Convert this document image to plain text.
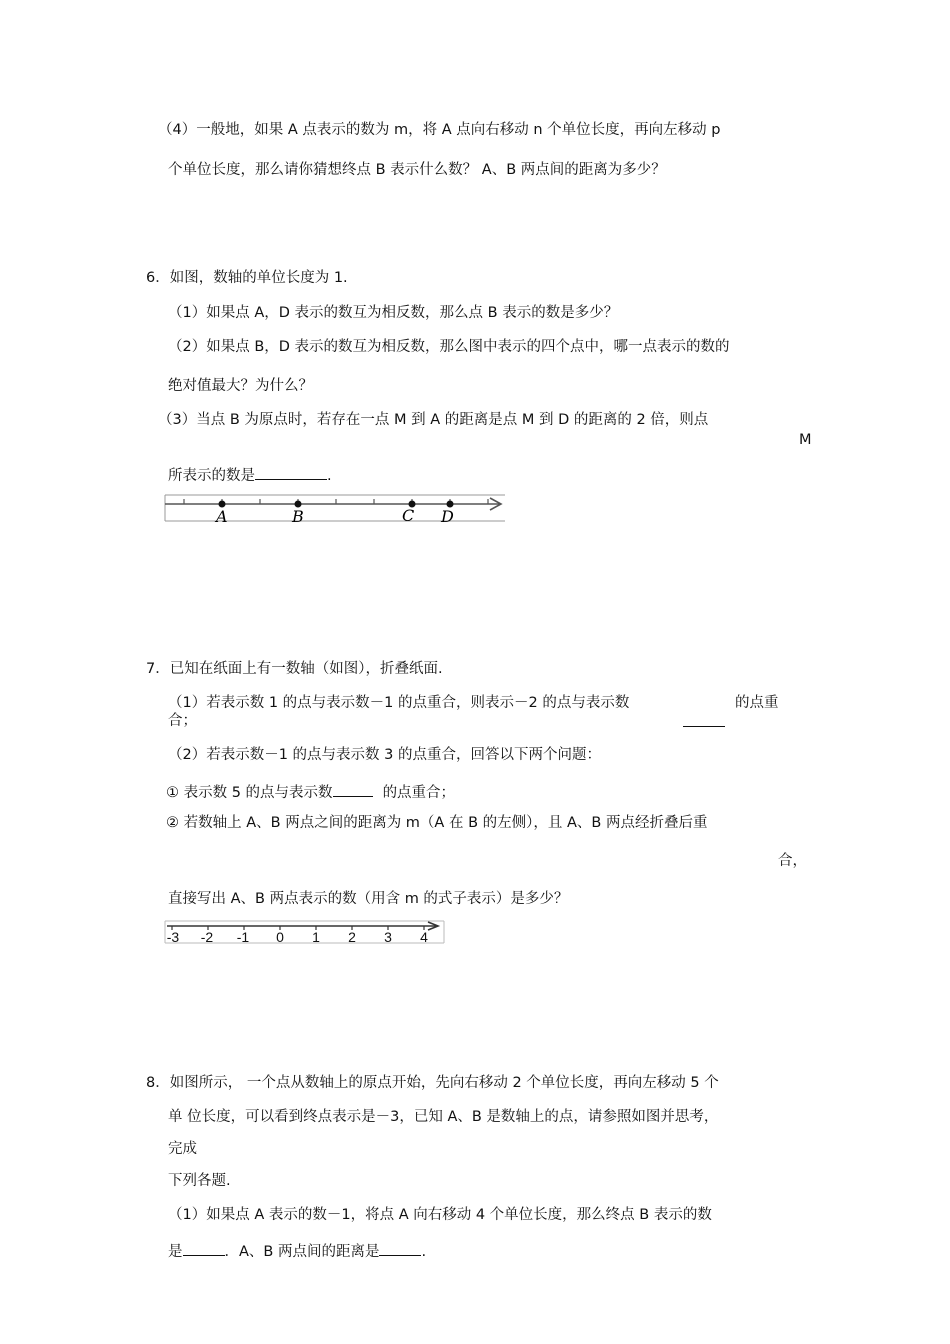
（4）一般地，如果 A 点表示的数为 m，将 A 点向右移动 n 个单位长度，再向左移动 p
个单位长度，那么请你猜想终点 B 表示什么数？ A、B 两点间的距离为多少？
6．如图，数轴的单位长度为 1.
（1）如果点 A，D 表示的数互为相反数，那么点 B 表示的数是多少？
（2）如果点 B，D 表示的数互为相反数，那么图中表示的四个点中，哪一点表示的数的
绝对值最大？为什么？
（3）当点 B 为原点时，若存在一点 M 到 A 的距离是点 M 到 D 的距离的 2 倍，则点
M
所表示的数是	.
A	B	C D
7．已知在纸面上有一数轴（如图），折叠纸面.
（1）若表示数 1 的点与表示数－1 的点重合，则表示－2 的点与表示数	的点重
合；
（2）若表示数－1 的点与表示数 3 的点重合，回答以下两个问题：
① 表示数 5 的点与表示数	的点重合；
② 若数轴上 A、B 两点之间的距离为 m（A 在 B 的左侧），且 A、B 两点经折叠后重
合，
直接写出 A、B 两点表示的数（用含 m 的式子表示）是多少？
-3 -2 -1 0 1 2 3 4
8．如图所示， 一个点从数轴上的原点开始，先向右移动 2 个单位长度，再向左移动 5 个
单 位长度，可以看到终点表示是－3，已知 A、B 是数轴上的点，请参照如图并思考，
完成
下列各题.
（1）如果点 A 表示的数－1，将点 A 向右移动 4 个单位长度，那么终点 B 表示的数
是	．A、B 两点间的距离是	.
